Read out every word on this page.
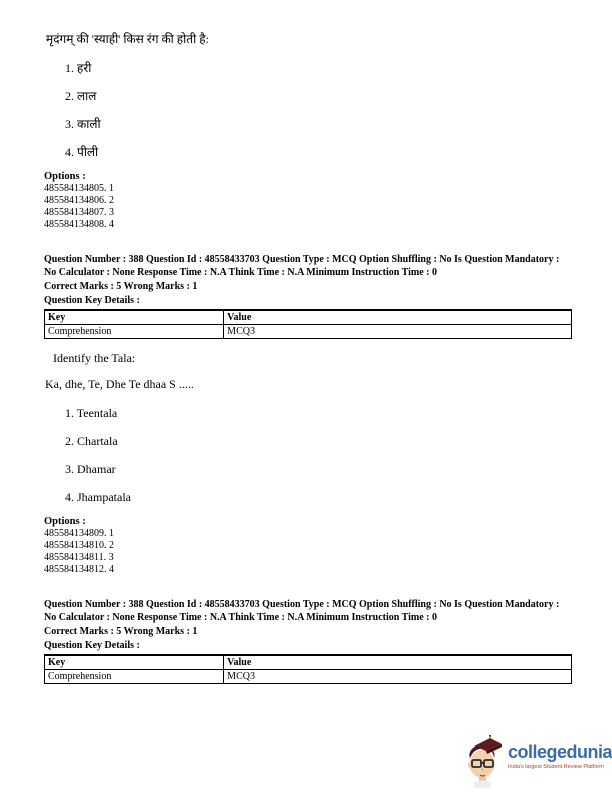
मृदंगम् की 'स्याही' किस रंग की होती है:
1. हरी
2. लाल
3. काली
4. पीली
Options :
485584134805. 1
485584134806. 2
485584134807. 3
485584134808. 4
Question Number : 388 Question Id : 48558433703 Question Type : MCQ Option Shuffling : No Is Question Mandatory :
No Calculator : None Response Time : N.A Think Time : N.A Minimum Instruction Time : 0
Correct Marks : 5 Wrong Marks : 1
Question Key Details :
Key	Value
Comprehension	MCQ3
Identify the Tala:
Ka, dhe, Te, Dhe Te dhaa S .....
1. Teentala
2. Chartala
3. Dhamar
4. Jhampatala
Options :
485584134809. 1
485584134810. 2
485584134811. 3
485584134812. 4
Question Number : 388 Question Id : 48558433703 Question Type : MCQ Option Shuffling : No Is Question Mandatory :
No Calculator : None Response Time : N.A Think Time : N.A Minimum Instruction Time : 0
Correct Marks : 5 Wrong Marks : 1
Question Key Details :
Key	Value
Comprehension	MCQ3
collegedunia
India's largest Student Review Platform
